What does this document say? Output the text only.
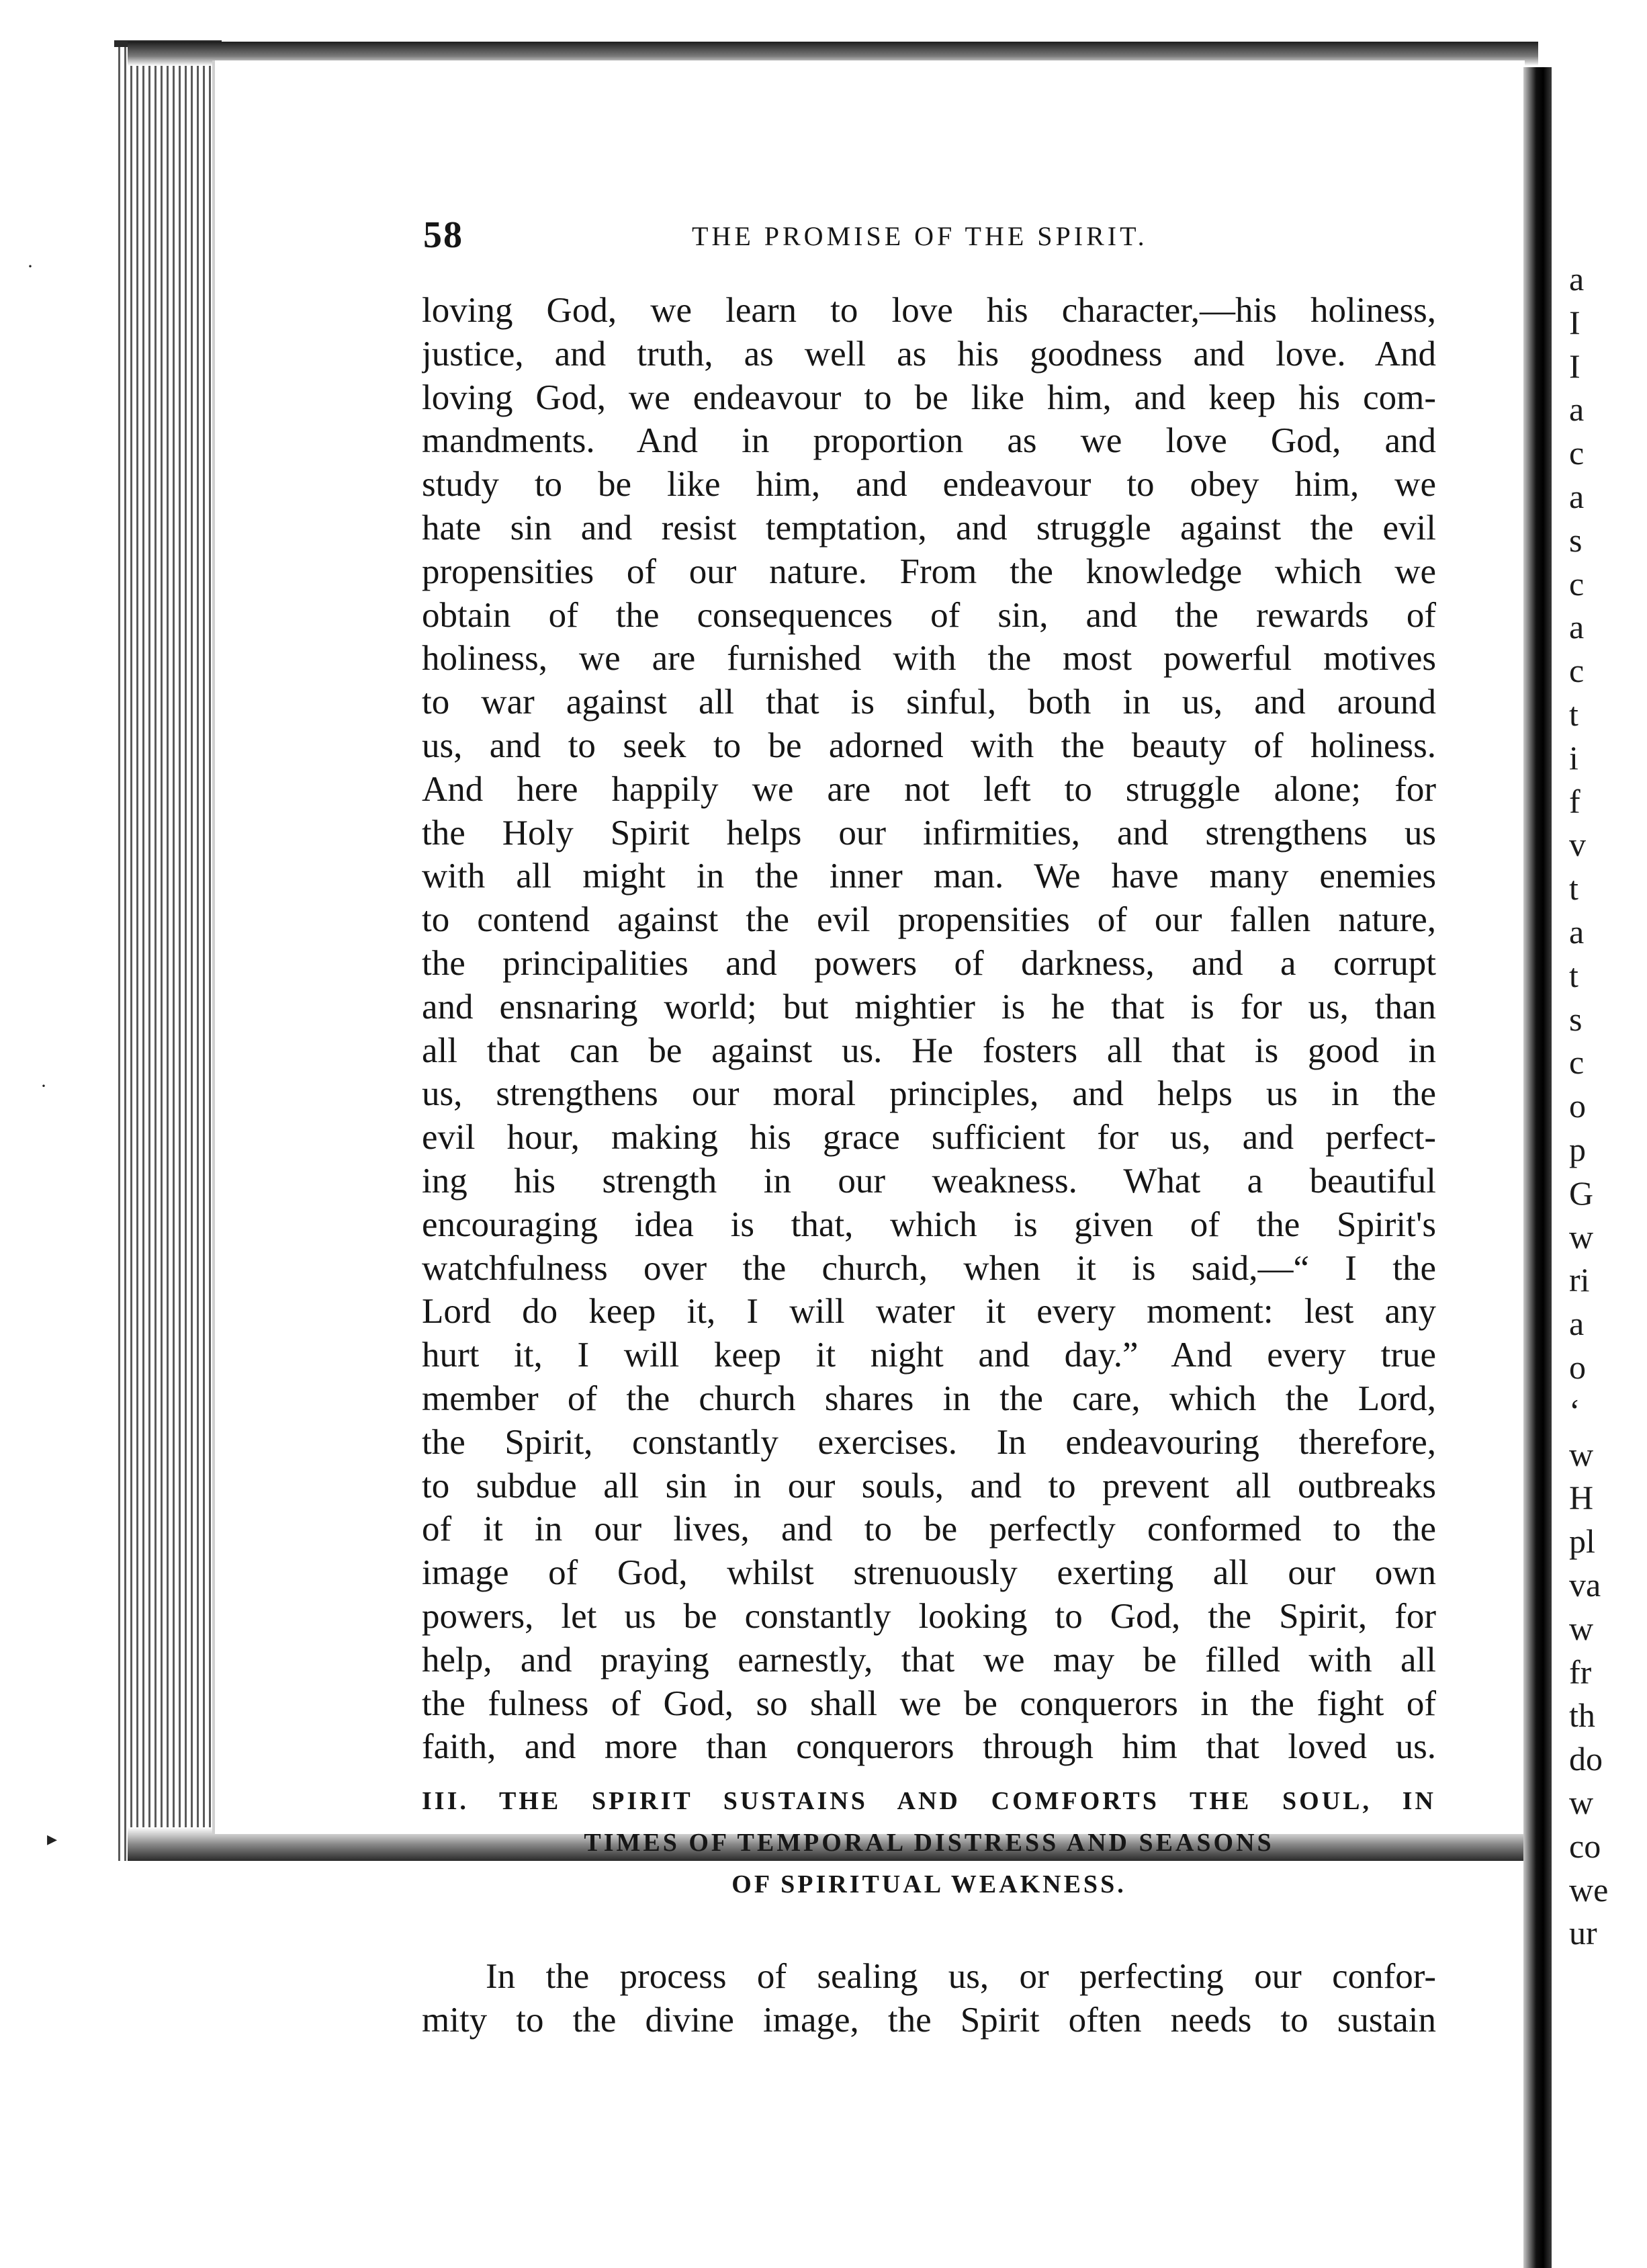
a
I
I
a
c
a
s
c
a
c
t
i
f
v
t
a
t
s
c
o
p
G
w
ri
a
o
‘
w
H
pl
va
w
fr
th
do
w
co
we
ur
58	THE PROMISE OF THE SPIRIT.
loving God, we learn to love his character,—his holiness,
justice, and truth, as well as his goodness and love. And
loving God, we endeavour to be like him, and keep his com-
mandments. And in proportion as we love God, and
study to be like him, and endeavour to obey him, we
hate sin and resist temptation, and struggle against the evil
propensities of our nature. From the knowledge which we
obtain of the consequences of sin, and the rewards of
holiness, we are furnished with the most powerful motives
to war against all that is sinful, both in us, and around
us, and to seek to be adorned with the beauty of holiness.
And here happily we are not left to struggle alone; for
the Holy Spirit helps our infirmities, and strengthens us
with all might in the inner man. We have many enemies
to contend against the evil propensities of our fallen nature,
the principalities and powers of darkness, and a corrupt
and ensnaring world; but mightier is he that is for us, than
all that can be against us. He fosters all that is good in
us, strengthens our moral principles, and helps us in the
evil hour, making his grace sufficient for us, and perfect-
ing his strength in our weakness. What a beautiful
encouraging idea is that, which is given of the Spirit's
watchfulness over the church, when it is said,—“ I the
Lord do keep it, I will water it every moment: lest any
hurt it, I will keep it night and day.” And every true
member of the church shares in the care, which the Lord,
the Spirit, constantly exercises. In endeavouring therefore,
to subdue all sin in our souls, and to prevent all outbreaks
of it in our lives, and to be perfectly conformed to the
image of God, whilst strenuously exerting all our own
powers, let us be constantly looking to God, the Spirit, for
help, and praying earnestly, that we may be filled with all
the fulness of God, so shall we be conquerors in the fight of
faith, and more than conquerors through him that loved us.
III. THE SPIRIT SUSTAINS AND COMFORTS THE SOUL, IN
TIMES OF TEMPORAL DISTRESS AND SEASONS
OF SPIRITUAL WEAKNESS.
In the process of sealing us, or perfecting our confor-
mity to the divine image, the Spirit often needs to sustain
·
·
▸
